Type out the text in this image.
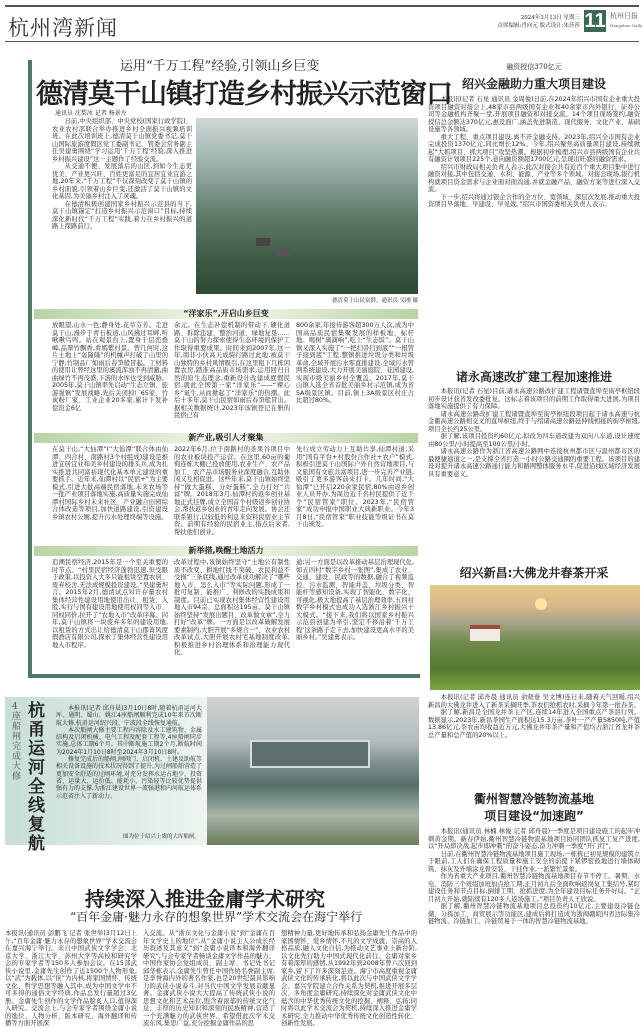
杭州湾新闻	2024年3月13日 星期三
首席编辑:肖向元 版式设计:朱莎莎 11 杭州日报
Hangzhou Daily
运用“千万工程”经验,引领山乡巨变
德清莫干山镇打造乡村振兴示范窗口
通讯员 沈梨冰 记者 杨景左

日前,中央组织部、中央党校(国家行政学院)、农业农村部联合举办推进乡村全面振兴视频培训班。在此次培训班上,德清莫干山镇党委书记,莫干山国际旅游度假区党工委副书记、管委会常务副主任吴建勇围绕“学习运用‘千万工程’经验,深入推进乡村振兴建设”这一主题作了经验交流。

从交通不便、发展落后的山区,到如今生态更优美、产业更兴旺、百姓更富足的宜居宜业宜游之地,20年来,“千万工程”不仅深刻改变了莫干山镇的乡村面貌,引领着山乡巨变,还激活了莫干山镇的文化基因,为美丽乡村注入了灵魂。

在德清积极创建国家乡村振兴示范县的当下,莫干山镇锚定“打造乡村振兴示范窗口”目标,持续深化新时代“千万工程”实践,着力在乡村振兴的道路上探路前行。

德清莫干山民宿群。通讯员 吴刚 摄
“洋家乐”,开启山乡巨变
放眼望,山水一色;静身处,花草芬芳。走进莫干山,漫步于青石板道,山风拂过耳畔,听啾啾鸟鸣。站在观景台上,置身于层峦叠嶂,品翠竹飘香,看嫣紫村景。曾几何时,这片土地上“轰隆隆”的机械声打破了山里的宁静,竹制品厂如雨后春笋般冒起。工材料的使用让曾经这里的溪流浑浊不再清澈,曲曲绿竹不再茂盛,下游的水库也受到威胁。2005年,莫干山镇率先启动“生态立镇、旅游强镇”发展战略,先后关闭掉厂65家、竹炭粉厂家、工业企业20多家,累计下发补偿资金6亿
余元。在生态补偿机制的带动下,硬化道路、拆除违建、整治河道、绿地复垦……莫干山的努力探索使得生态环境的保护工作取得重要成果。时间来到2007年,这一年,南非小伙高天成骑行路过此地,被莫干山独特的乡村风情吸引,在这里租下几栋闲置农房,踏准高品质市场需求,运用回归自然的原生态理念,重新设计改建成度假民宿,就此全国第一家“洋家乐”——“裸心乡”诞生,从而掀起了“洋家乐”的热潮。此后十多年,莫干山民宿如雨后春笋般冒出。据相关数据统计,2023年该镇登记在册的民宿已有
800余家,年接待游客超300万人次,成为中国高品质民宿集聚发展的样板地、标杆地。喝树“滴滴响”,吃上“生态饭”。莫干山镇又深入实施了“一把扫帚扫到底”“一根管子接到底”工程,整镇推进垃圾分类和垃圾革命,全域开展污水零直排建设,全域污水管网系统建设,大力开展美丽庭院、花园建设,实现市级美丽乡村全覆盖。2017年,莫干山镇入选全省首批美丽乡村示范镇,成为省5A级景区镇。目前,镇上3A级景区村庄占比超过80%。
新产业,吸引人才聚集
在莫干山,“大仙潭”(“大仙潭”联合体由仙潭、四合村、南路村3个村组成)建设是推进宜居宜业和美乡村建设的排头兵,成为扎实推进共同富裕现代化基本单元建设的重要抓手。近年来,仙潭村以“民宿+”为主要模式,引进大批高端民宿落地,未来农场等一批产业项目落地实施,高质量实施完成仙潭村国际乡村未来社区、产业融合田园综合体改造等项目,加快道路建设,引资建设乡镇农村公厕,提升污水处理终端等设施。
2022年6月,位于南路村的茶果谷项目中的农业板块投产运营。在这里,60亩的葡萄连栋大棚已投放使用,农业生产、农产品加工、农产品市场服务业深度融合,互助休闲又互相促进。这些年来,莫干山镇始终坚持“做大蛋糕、分好蛋糕”,全力打好“共富”牌。2018年3月,仙潭村的返乡创业基地正式挂牌,成立全国首个村级返乡创业协会,帮扶返乡创业的青年走向发展。协会还联系银行,以较低的利息来资料民宿业主节资。前期有经验的民宿业主,指点后来者,帮扶他们创业。
先行成立劳动力上互助共享,仙潭村道;采用“国有平台+村股份合作社+农户”模式,积极引进莫干山国际户外自然营地项目,与文旅国有文旅共富项目,进一步完善产业链,吸引了更多游客前来打卡。几年时间,“大仙潭”已开启220余家民宿,80%由返乡创业人员开办,为周边近千名村民提供了近千个“民宿管家”职位。2023年,“民宿管家”成功申报中国职业大典新职业。今年3月8日,“民宿管家”职业技能等级证书在莫干山颁发。
新举措,唤醒土地活力
追溯民宿经济,2015年是一个至关重要的时节点。“村里民宿经济蓬勃迅速,但受限于政策,以投资人大多只能租赁空置农居、废弃校舍,无法成规模投资建设。”吴建勇坦言。2015年2月,德清试点对许存量农村集体经营性建设用地使用出让、租赁、入股,实行与国有建设用地使用权同等入市、同权同价,拉开了“农地入市”改革序幕。同年,莫干山镇将一块废弃多年的建设用地,以租赁的方式出让给德清莫干山郡箐风度假酒店有限公司,探索了集体经营性建设用地入市程序。
改革过程中,该镇始终坚守“土地公有制性质不改变、耕地红线不突破、农民利益不受损”三条底线,通过改革成功解决了“哪些地入市、怎么入市”等实际问题,形成了一批可复制、能推广、利修改的实践成果和制度。目前已实现农村集体经营性建设用地入市94宗、总面积达195亩。莫干山镇始终坚持“发展出题目、改革做文章”,全力打好“改革”牌。一方面是以改革破解发展要素制约,大胆开展“多规合一”、农业农村改革试点,大胆开展农村宅基地制度改革,积极推进乡村治理体系和治理能力现代化。
通;另一方面是以改革推动基层治理现代化,如五四村“数字乡村一张图”,集成了农业、交通、建设、民政等的数据,融合了视频监控、污水监测、智能井盖、垃圾分类、智能杆等感知设备,实现了智能化、数字化、可视化,极大地提高了基层治理效率,五四村数字乡村模式也成功入选浙江乡村振兴十大模式。“接下来,我们将以国家乡村振兴示范县创建为牵引,坚定不移沿着‘千万工程’这条路子走下去,加快建设更高水平的美丽乡村。”吴建勇表示。
4座船闸完成大修
杭甬运河全线复航

本报讯(记者 邱舟晨)3月10日8时,随着杭甬运河大厍、通明、蜀山、姚江4座船闸顺利完成10年来首次断航大修,杭甬运河绍兴段、宁波段全线恢复通航。

本次船闸大修主要工程内容除及水工建筑物、金属结构及启闭机械、电气工程及配套工程等,4座船闸同步实施,总体工期6个月。其中断航施工期2个月,断航时间为2024年1月10日8时至2024年3月10日8时。

修复完成后的船闸,闸阀门、启闭机、土建及助航等相关设备设施的技术状况得到了提升,为过闸船舶营造了更加安全舒适的过闸环境,对充分发挥水运占地少、投资省、运量大、运价低、能耗小、污染轻等比较优势提供强有力的支撑,为浙江建设世界一流强港和内河航运体系示范省注入了新动力。

图为位于绍兴上虞的大厍船闸。
持续深入推进金庸学术研究
“百年金庸·魅力永存的想象世界”学术交流会在海宁举行
本报讯(通讯员 彭鹏飞 记者 张世举)3月12日上午,“百年金庸·魅力永存的想象世界”学术交流会在嘉兴海宁举行。来自中国武侠文学学会、北京大学、浙江大学、苏州大学等高校和研究学会的专家学者等150多人参加会议。在15部武侠小说里,金庸先生创作了近1500个人物形象,以“武”为载体,以“侠”为内核,将家国情怀、传统文化、哲学思想等融入其中,成为中国文学中不可多得的通俗文学经典,作品总发行量超过3亿册。金庸先生创作的文学作品脍炙人口,值得深入研究。交流会上,与会专家学者围绕金庸小说的地位、人物分析、版本研究、海外翻译和传播等方面开展深
入交流。从“浙东文化与金庸小说”到“金庸在百年文学史上的地位”,从“金庸小说主人公成长经历叙述及其意义”到“金庸小说译本和海外翻译研究”,与会专家学者畅谈金庸文学作品的魅力。中国作家协会党组成员、副主席、书记处书记邱华栋表示,金庸先生曾任中国作协名誉副主席,是享誉海内外的著名作家,也是20世纪最具影响力的武侠小说泰斗,对当代中国文学发展贡献显著。金庸武侠小说大大提高了传统武侠小说的思想文化和艺术品位,饱含着浓郁的传统文化气息、丰厚的历史知识和深刻的民族精神,营造了一个充满魅力的武侠世界。希望借此次学术交流东风,集思广益,充分挖掘金庸作品的思
想精神力量,更好地传承和弘扬金庸先生作品中的家国情怀、爱乡情怀,不凡的文学成就、崇高的人格品质,融入文化自信,为推动文艺事业上新台阶,以文化先行助力中国式现代化前行。金庸对家乡有着深厚的感情,从1992年到2008年曾六次回到家乡,留下了许多深刻足迹。海宁市高度重视金庸武侠文化的传承转化,将以此次与中国武侠文学学会、嘉兴学院建立合作关系为契机,推进开展多层次、多角度金庸研究,持续深化对金庸武侠文化中蕴含的中华优秀传统文化的挖掘、阐释、弘扬;同时将以此学术交流会为契机,持续深入推进金庸学术研究,全力推动中华优秀传统文化创造性转化、创新性发展。
融资授信370亿元
绍兴金融助力重大项目建设

本报讯(记者 石星 通讯员 金周俊)日前,在2024年绍兴市国有企业重大投资项目融资对接会上,48家市县两级国有企业和40余家市内外银行、证券公司等金融机构齐聚一堂,开展项目融资和对接交流。14个项目现场签约,融资授信总金额达370亿元,惠及面广,涵盖先进制造、现代服务、文化产业、基础设施等各领域。

重大工程、重点项目建设,离不开金融支持。2023年,绍兴全市国有企业完成投资1370亿元,同比增长12%。今年,绍兴聚焦高质量项目建设,持续掀起“大抓项目、抓大项目”攻坚热潮。根据初步梳理,绍兴市县两级国有企业共有融资计划项目225个,意向融资额超1700亿元,呈现出旺盛的融资需求。

绍兴市财政局相关负责人表示,此次对接会共有近百个重大项目集中进行融资对接,其中包括交通、水利、能源、产业等多个领域。对接会现场,银行机构就项目资金需求与企业面对面沟通,并就金融产品、融资方案等进行深入交流。

下一步,绍兴将通过银企合作的全方位、宽领域、深层次发展,推动重大投资项目早落地、早建设、早见效。”绍兴市国资委相关负责人表示。

诸永高速改扩建工程加速推进

本报讯(记者 石星)目前,诸永高速公路改扩建工程诸暨直埠至街亭枢纽段初步设计获省发改委批复。这标志着该项目的前期工作取得重大进展,为项目落地实施提供了有力保障。

诸永高速公路改扩建工程诸暨直埠至街亭枢纽段项目起于诸永高速与杭金衢高速公路相交叉的直埠枢纽,终于与绍诸高速公路延伸线相接的街亭枢纽,项目全长约25公里。

据了解,该项目投资约60亿元,拟改为四车道改建为双向八车道,设计速度由80公里/小时提高至100公里/小时。

诸永高速公路作为浙江省高速公路网中连接杭州都市区与温州都市区的最便捷通道之一,是支撑全省打造一小时公路交通圈的重要工程。该项目的建设对提升诸永高速公路通行能力和路网整体服务水平,促进沿线区域经济发展具有重要意义。

绍兴新昌:大佛龙井春茶开采

本报讯(记者 邱舟晨 通讯员 俞晓垂 吴文博)连日来,随着天气回暖,绍兴新昌的大佛龙井进入了新茶采摘旺季,茶农们抢抓农时,采摘今年第一批春茶。

据了解,新昌是全国龙井茶主产区,连续14年进入全国重点产茶县行列。数据显示,2023年,新昌茶园生产面积达15.3万亩,茶叶一产产量5850吨,产值13.86亿元,茶农亩均收益近万元,大佛龙井年茶产量和产值均占浙江省龙井茶总产量和总产值的20%以上。

衢州智慧冷链物流基地
项目建设“加速跑”

本报讯(通讯员 林楠 林俊 记者 邱舟晨)一季度是项目建设施工的起步冲刺黄金期。新春伊始,衢州智慧冷链物流基地项目协同团队抓复工复产进度,以“开局即决战,起步即冲刺”的奋斗姿态,奋力冲刺一季度“开门红”。

日前,在衢州智慧冷链物流基地项目施工现场,一栋栋已初见规模的建筑立于眼前,工人们在确保工程质量和施工安全的前提下紧锣密鼓地进行墙体砌筑、抹灰及外墙涂龙骨安装、干挂作业,一派繁忙景象。

作为省重大产业项目,衢州智慧冷链物流基地项目春节不停工。暑期、水电、消防三个班组加班加点抢工期,正月初九后全面吹响返岗复工集结号,紧盯建设任务和节点目标,倒排工期、抢抓进度,为全年建设目标任务开好局。“正月初九开始,就陆续有120多人返场施工。”项目负责人王欣说。

据了解,衢州智慧冷链物流基地项目总投资约10亿元,主要建设冷链仓储、分拣加工、商贸展示等功能区,建成后将打造成为浙闽赣皖四省边际集冷链物流、冷链加工、冷链贸易于一体的智慧冷链物流基地。
